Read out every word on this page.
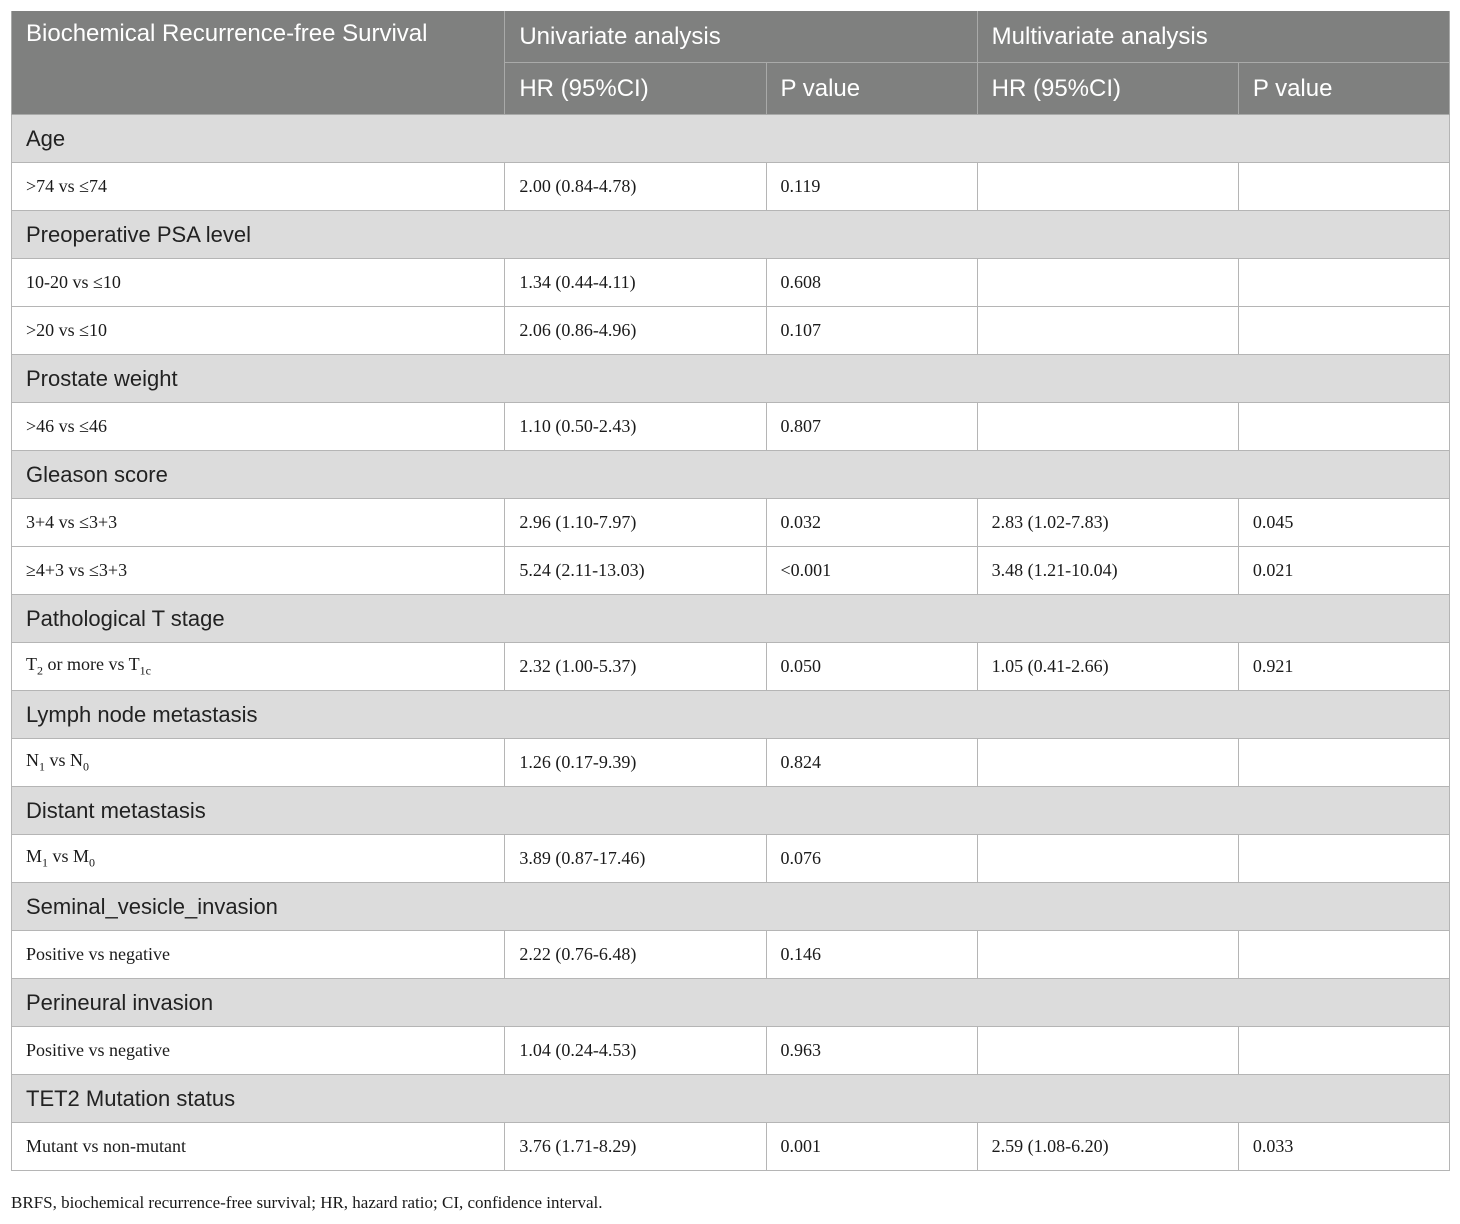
Biochemical Recurrence-free Survival	Univariate analysis		Multivariate analysis	
	HR (95%CI)	P value	HR (95%CI)	P value
Age				
>74 vs ≤74	2.00 (0.84-4.78)	0.119		
Preoperative PSA level				
10-20 vs ≤10	1.34 (0.44-4.11)	0.608		
>20 vs ≤10	2.06 (0.86-4.96)	0.107		
Prostate weight				
>46 vs ≤46	1.10 (0.50-2.43)	0.807		
Gleason score				
3+4 vs ≤3+3	2.96 (1.10-7.97)	0.032	2.83 (1.02-7.83)	0.045
≥4+3 vs ≤3+3	5.24 (2.11-13.03)	<0.001	3.48 (1.21-10.04)	0.021
Pathological T stage				
$T_2$ or more vs $T_{1c}$	2.32 (1.00-5.37)	0.050	1.05 (0.41-2.66)	0.921
Lymph node metastasis				
$N_1$ vs $N_0$	1.26 (0.17-9.39)	0.824		
Distant metastasis				
$M_1$ vs $M_0$	3.89 (0.87-17.46)	0.076		
Seminal_vesicle_invasion				
Positive vs negative	2.22 (0.76-6.48)	0.146		
Perineural invasion				
Positive vs negative	1.04 (0.24-4.53)	0.963		
TET2 Mutation status				
Mutant vs non-mutant	3.76 (1.71-8.29)	0.001	2.59 (1.08-6.20)	0.033
BRFS, biochemical recurrence-free survival; HR, hazard ratio; CI, confidence interval.
